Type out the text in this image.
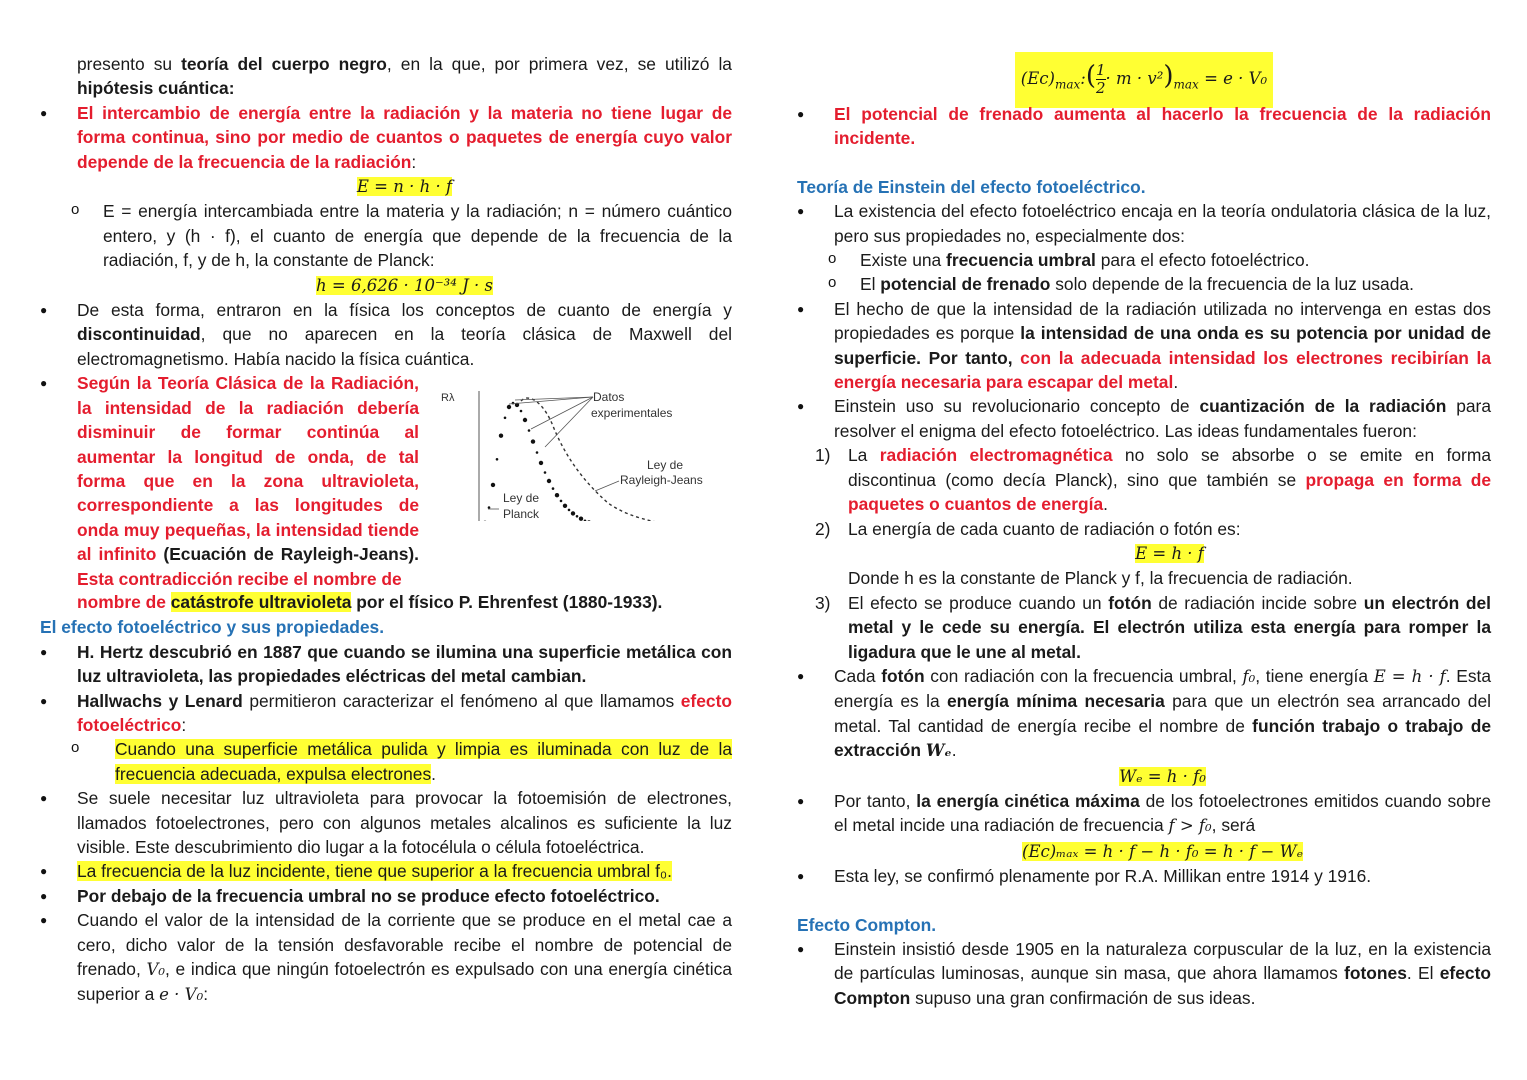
presento su teoría del cuerpo negro, en la que, por primera vez, se utilizó la hipótesis cuántica:

● El intercambio de energía entre la radiación y la materia no tiene lugar de forma continua, sino por medio de cuantos o paquetes de energía cuyo valor depende de la frecuencia de la radiación:

E = n · h · f

o E = energía intercambiada entre la materia y la radiación; n = número cuántico entero, y (h · f), el cuanto de energía que depende de la frecuencia de la radiación, f, y de h, la constante de Planck:

h = 6,626 · 10⁻³⁴ J · s

● De esta forma, entraron en la física los conceptos de cuanto de energía y discontinuidad, que no aparecen en la teoría clásica de Maxwell del electromagnetismo. Había nacido la física cuántica.

● Según la Teoría Clásica de la Radiación, la intensidad de la radiación debería disminuir de formar continúa al aumentar la longitud de onda, de tal forma que en la zona ultravioleta, correspondiente a las longitudes de onda muy pequeñas, la intensidad tiende al infinito (Ecuación de Rayleigh-Jeans). Esta contradicción recibe el nombre de

El efecto fotoeléctrico y sus propiedades.

● H. Hertz descubrió en 1887 que cuando se ilumina una superficie metálica con luz ultravioleta, las propiedades eléctricas del metal cambian.

● Hallwachs y Lenard permitieron caracterizar el fenómeno al que llamamos efecto fotoeléctrico:

o Cuando una superficie metálica pulida y limpia es iluminada con luz de la frecuencia adecuada, expulsa electrones.

● Se suele necesitar luz ultravioleta para provocar la fotoemisión de electrones, llamados fotoelectrones, pero con algunos metales alcalinos es suficiente la luz visible. Este descubrimiento dio lugar a la fotocélula o célula fotoeléctrica.

● La frecuencia de la luz incidente, tiene que superior a la frecuencia umbral f₀.

● Por debajo de la frecuencia umbral no se produce efecto fotoeléctrico.

● Cuando el valor de la intensidad de la corriente que se produce en el metal cae a cero, dicho valor de la tensión desfavorable recibe el nombre de potencial de frenado, V₀, e indica que ningún fotoelectrón es expulsado con una energía cinética superior a e · V₀:

nombre de catástrofe ultravioleta por el físico P. Ehrenfest (1880-1933).

Rλ	Datos
experimentales
Ley de
Rayleigh-Jeans
Ley de
Planck

$(Ec)_{max}:( \frac{1}{2} \cdot m \cdot v^2)_{max} = e \cdot V_0$

● El potencial de frenado aumenta al hacerlo la frecuencia de la radiación incidente.

Teoría de Einstein del efecto fotoeléctrico.

● La existencia del efecto fotoeléctrico encaja en la teoría ondulatoria clásica de la luz, pero sus propiedades no, especialmente dos:

o Existe una frecuencia umbral para el efecto fotoeléctrico.

o El potencial de frenado solo depende de la frecuencia de la luz usada.

● El hecho de que la intensidad de la radiación utilizada no intervenga en estas dos propiedades es porque la intensidad de una onda es su potencia por unidad de superficie. Por tanto, con la adecuada intensidad los electrones recibirían la energía necesaria para escapar del metal.

● Einstein uso su revolucionario concepto de cuantización de la radiación para resolver el enigma del efecto fotoeléctrico. Las ideas fundamentales fueron:

1) La radiación electromagnética no solo se absorbe o se emite en forma discontinua (como decía Planck), sino que también se propaga en forma de paquetes o cuantos de energía.

2) La energía de cada cuanto de radiación o fotón es:

E = h · f

Donde h es la constante de Planck y f, la frecuencia de radiación.

3) El efecto se produce cuando un fotón de radiación incide sobre un electrón del metal y le cede su energía. El electrón utiliza esta energía para romper la ligadura que le une al metal.

● Cada fotón con radiación con la frecuencia umbral, f₀, tiene energía E = h · f. Esta energía es la energía mínima necesaria para que un electrón sea arrancado del metal. Tal cantidad de energía recibe el nombre de función trabajo o trabajo de extracción Wₑ.

Wₑ = h · f₀

● Por tanto, la energía cinética máxima de los fotoelectrones emitidos cuando sobre el metal incide una radiación de frecuencia f > f₀, será

(Ec)ₘₐₓ = h · f − h · f₀ = h · f − Wₑ

● Esta ley, se confirmó plenamente por R.A. Millikan entre 1914 y 1916.

Efecto Compton.

● Einstein insistió desde 1905 en la naturaleza corpuscular de la luz, en la existencia de partículas luminosas, aunque sin masa, que ahora llamamos fotones. El efecto Compton supuso una gran confirmación de sus ideas.
